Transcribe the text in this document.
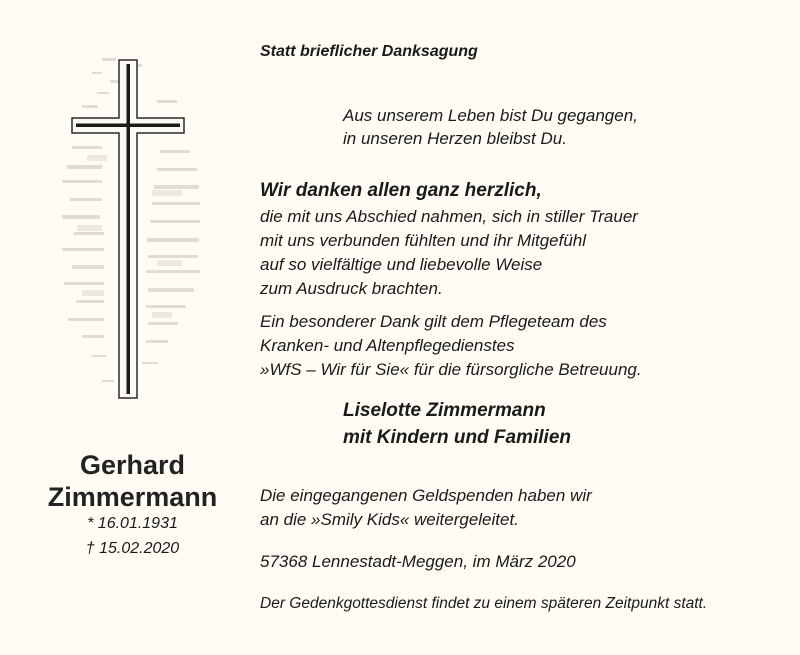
Gerhard
Zimmermann
* 16.01.1931
† 15.02.2020
Statt brieflicher Danksagung
Aus unserem Leben bist Du gegangen,
in unseren Herzen bleibst Du.
Wir danken allen ganz herzlich,
die mit uns Abschied nahmen, sich in stiller Trauer
mit uns verbunden fühlten und ihr Mitgefühl
auf so vielfältige und liebevolle Weise
zum Ausdruck brachten.
Ein besonderer Dank gilt dem Pflegeteam des
Kranken- und Altenpflegedienstes
»WfS – Wir für Sie« für die fürsorgliche Betreuung.
Liselotte Zimmermann
mit Kindern und Familien
Die eingegangenen Geldspenden haben wir
an die »Smily Kids« weitergeleitet.
57368 Lennestadt-Meggen, im März 2020
Der Gedenkgottesdienst findet zu einem späteren Zeitpunkt statt.
